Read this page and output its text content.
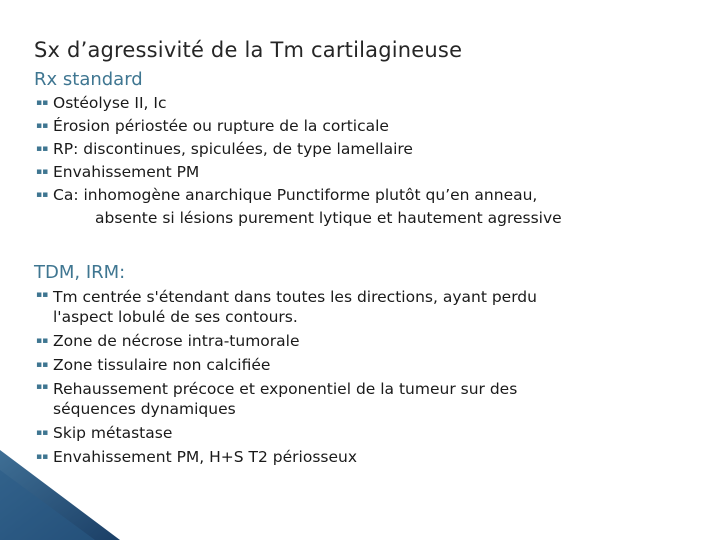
Sx d’agressivité de la Tm cartilagineuse
Rx standard
▪▪ Ostéolyse II, Ic
▪▪ Érosion périostée ou rupture de la corticale
▪▪ RP: discontinues, spiculées, de type lamellaire
▪▪ Envahissement PM
▪▪ Ca: inhomogène anarchique Punctiforme plutôt qu’en anneau,
absente si lésions purement lytique et hautement agressive
TDM, IRM:
▪▪ Tm centrée s'étendant dans toutes les directions, ayant perdu
l'aspect lobulé de ses contours.
▪▪ Zone de nécrose intra-tumorale
▪▪ Zone tissulaire non calcifiée
▪▪ Rehaussement précoce et exponentiel de la tumeur sur des
séquences dynamiques
▪▪ Skip métastase
▪▪ Envahissement PM, H+S T2 périosseux
